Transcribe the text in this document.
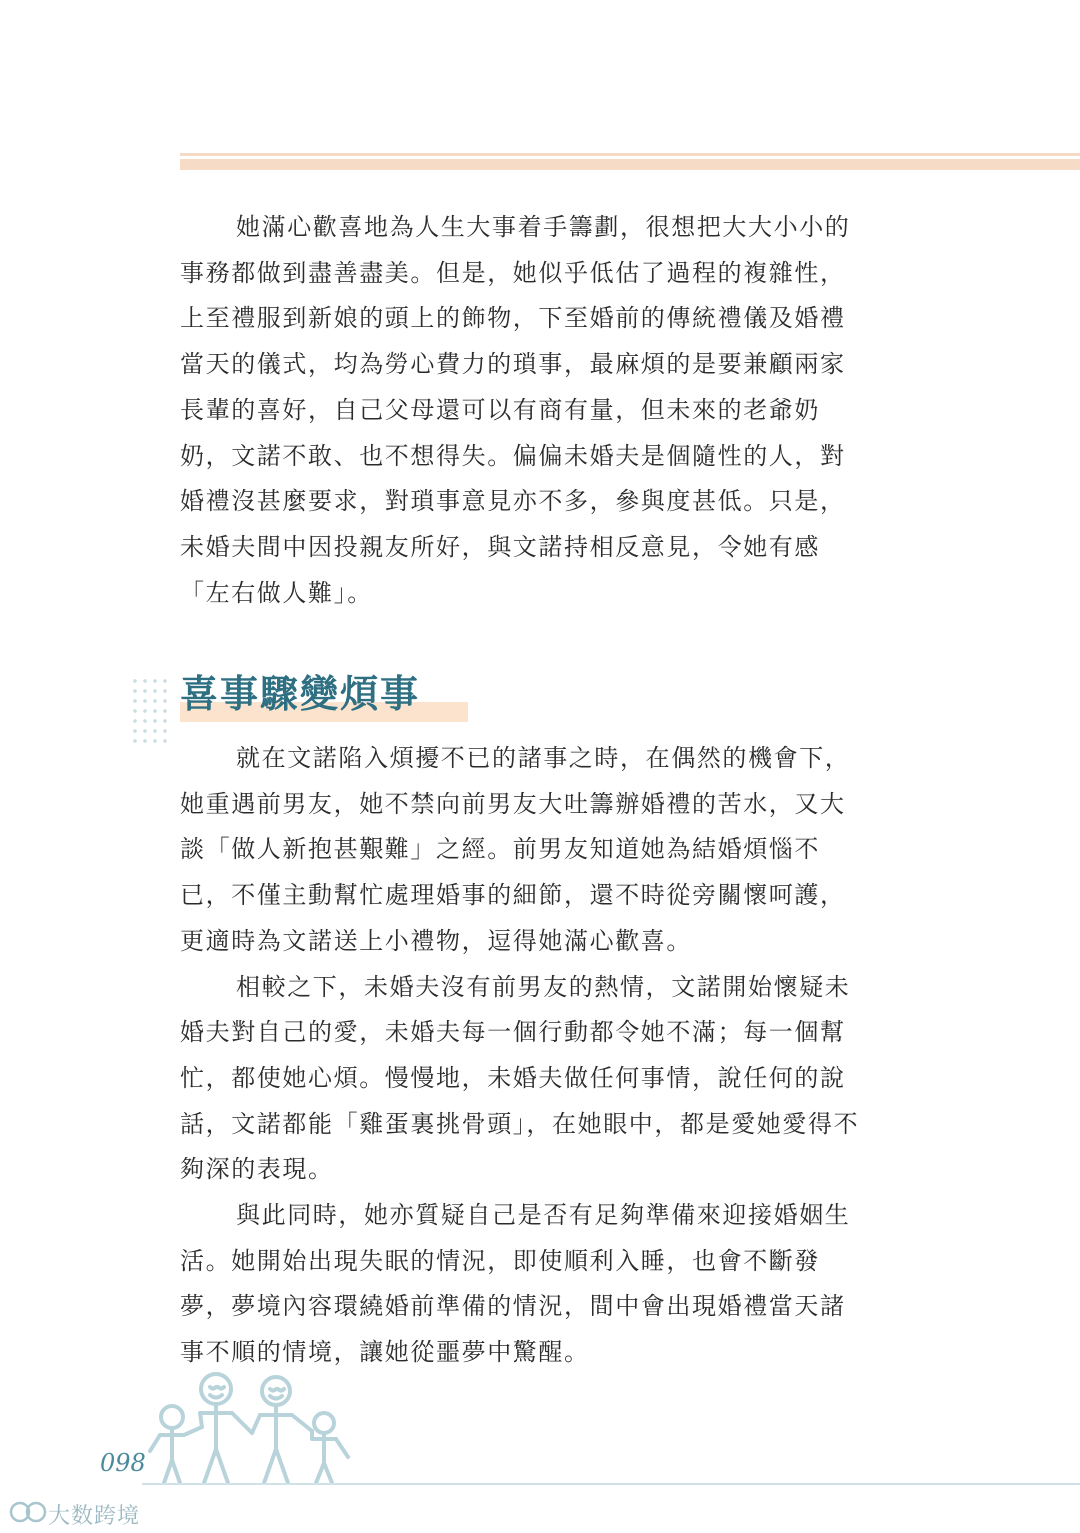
她滿心歡喜地為人生大事着手籌劃，很想把大大小小的事務都做到盡善盡美。但是，她似乎低估了過程的複雜性，上至禮服到新娘的頭上的飾物，下至婚前的傳統禮儀及婚禮當天的儀式，均為勞心費力的瑣事，最麻煩的是要兼顧兩家長輩的喜好，自己父母還可以有商有量，但未來的老爺奶奶，文諾不敢、也不想得失。偏偏未婚夫是個隨性的人，對婚禮沒甚麼要求，對瑣事意見亦不多，參與度甚低。只是，未婚夫間中因投親友所好，與文諾持相反意見，令她有感「左右做人難」。

喜事驟變煩事

就在文諾陷入煩擾不已的諸事之時，在偶然的機會下，她重遇前男友，她不禁向前男友大吐籌辦婚禮的苦水，又大談「做人新抱甚艱難」之經。前男友知道她為結婚煩惱不已，不僅主動幫忙處理婚事的細節，還不時從旁關懷呵護，更適時為文諾送上小禮物，逗得她滿心歡喜。

相較之下，未婚夫沒有前男友的熱情，文諾開始懷疑未婚夫對自己的愛，未婚夫每一個行動都令她不滿；每一個幫忙，都使她心煩。慢慢地，未婚夫做任何事情，說任何的說話，文諾都能「雞蛋裏挑骨頭」，在她眼中，都是愛她愛得不夠深的表現。

與此同時，她亦質疑自己是否有足夠準備來迎接婚姻生活。她開始出現失眠的情況，即使順利入睡，也會不斷發夢，夢境內容環繞婚前準備的情況，間中會出現婚禮當天諸事不順的情境，讓她從噩夢中驚醒。

098

大数跨境
